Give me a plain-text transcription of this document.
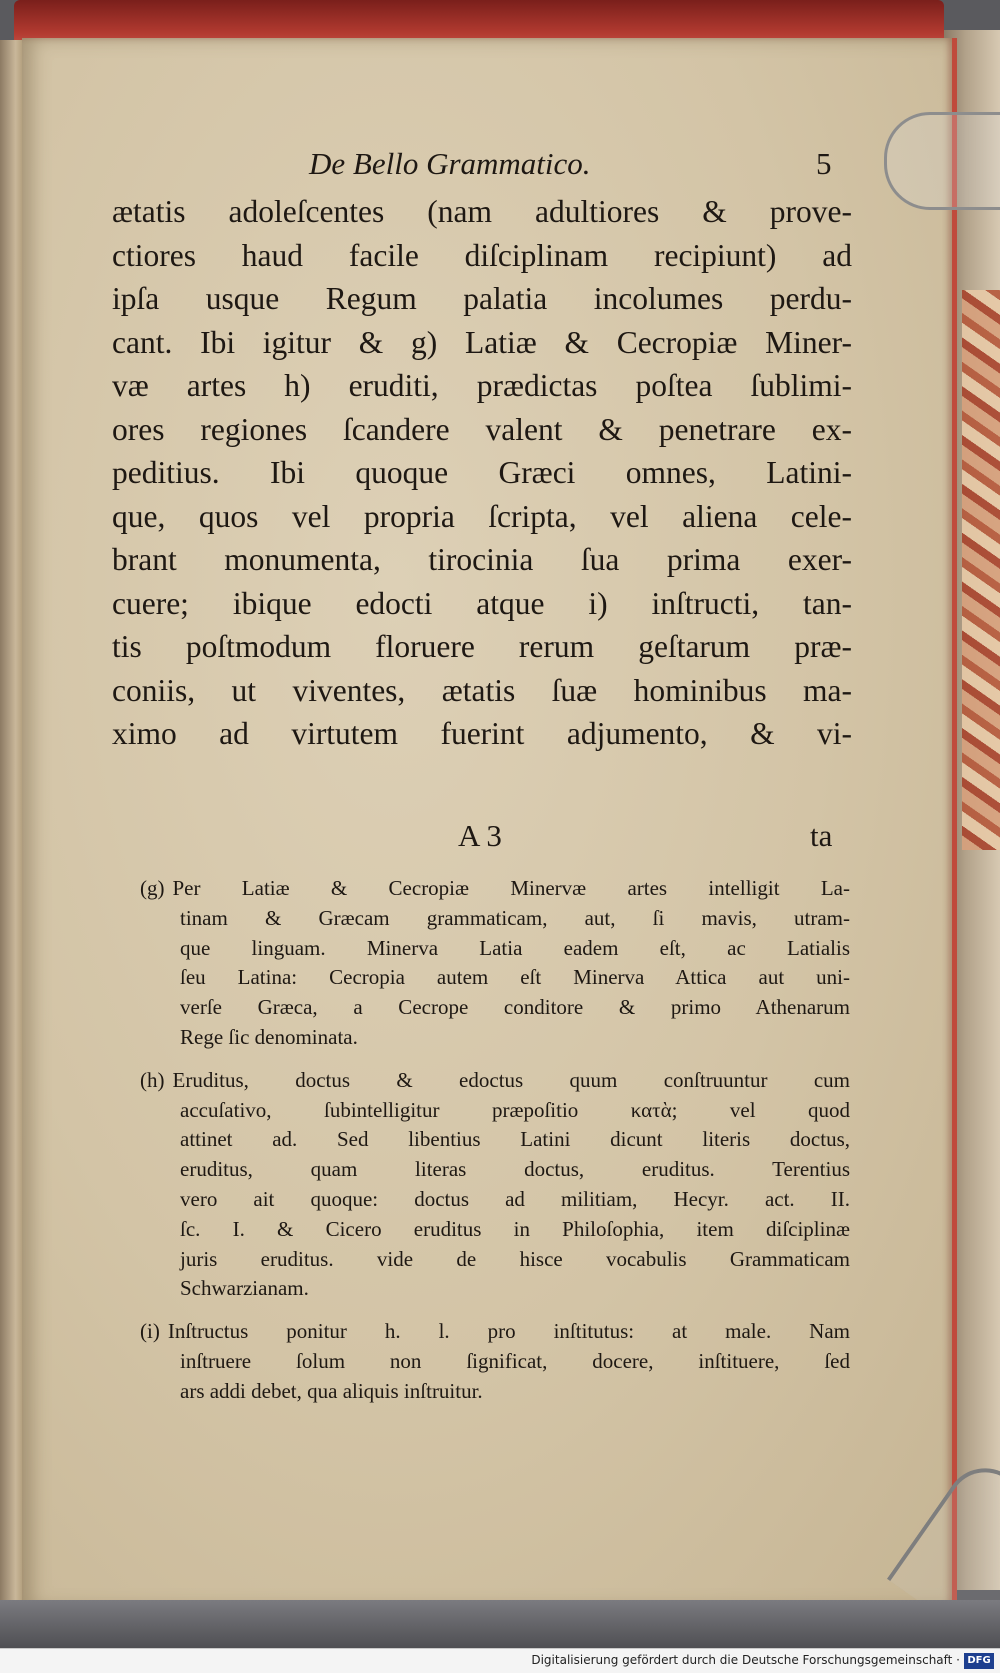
De Bello Grammatico.	5
ætatis adoleſcentes (nam adultiores & prove-
ctiores haud facile diſciplinam recipiunt) ad
ipſa usque Regum palatia incolumes perdu-
cant. Ibi igitur & g) Latiæ & Cecropiæ Miner-
væ artes h) eruditi, prædictas poſtea ſublimi-
ores regiones ſcandere valent & penetrare ex-
peditius. Ibi quoque Græci omnes, Latini-
que, quos vel propria ſcripta, vel aliena cele-
brant monumenta, tirocinia ſua prima exer-
cuere; ibique edocti atque i) inſtructi, tan-
tis poſtmodum floruere rerum geſtarum præ-
coniis, ut viventes, ætatis ſuæ hominibus ma-
ximo ad virtutem fuerint adjumento, & vi-
A 3	ta
(g) Per Latiæ & Cecropiæ Minervæ artes intelligit La-
tinam & Græcam grammaticam, aut, ſi mavis, utram-
que linguam. Minerva Latia eadem eſt, ac Latialis
ſeu Latina: Cecropia autem eſt Minerva Attica aut uni-
verſe Græca, a Cecrope conditore & primo Athenarum
Rege ſic denominata.
(h) Eruditus, doctus & edoctus quum conſtruuntur cum
accuſativo, ſubintelligitur præpoſitio κατὰ; vel quod
attinet ad. Sed libentius Latini dicunt literis doctus,
eruditus, quam literas doctus, eruditus. Terentius
vero ait quoque: doctus ad militiam, Hecyr. act. II.
ſc. I. & Cicero eruditus in Philoſophia, item diſciplinæ
juris eruditus. vide de hisce vocabulis Grammaticam
Schwarzianam.
(i) Inſtructus ponitur h. l. pro inſtitutus: at male. Nam
inſtruere ſolum non ſignificat, docere, inſtituere, ſed
ars addi debet, qua aliquis inſtruitur.
Digitalisierung gefördert durch die Deutsche Forschungsgemeinschaft · DFG
